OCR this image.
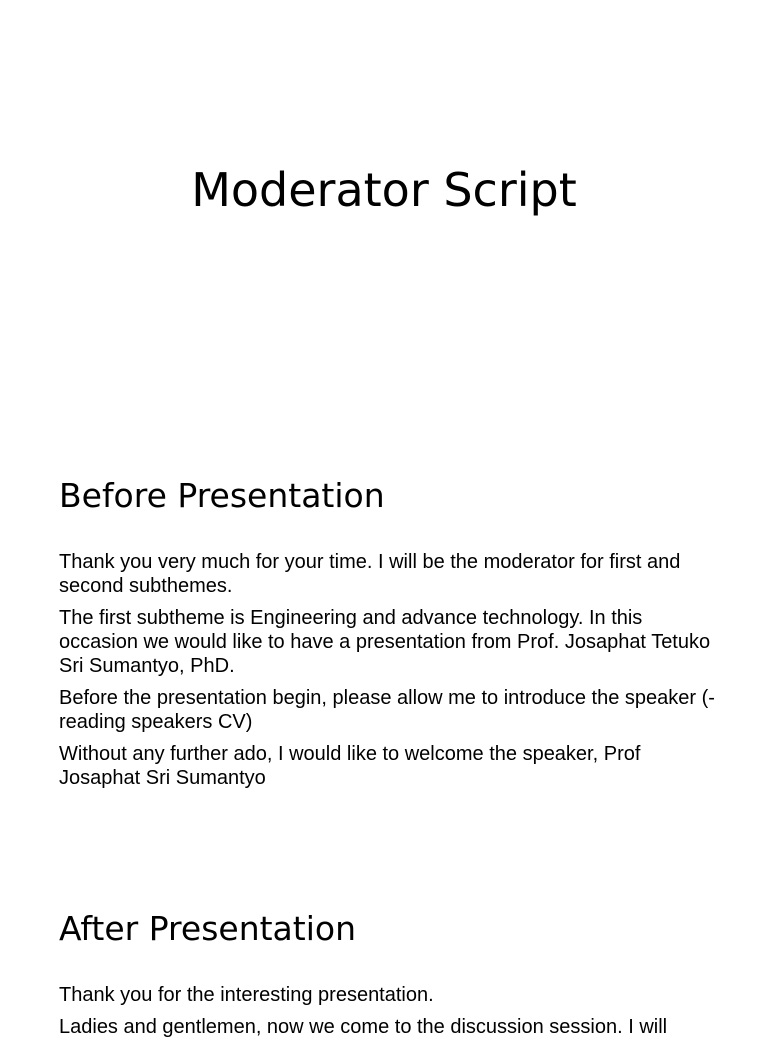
Moderator Script
Before Presentation

Thank you very much for your time. I will be the moderator for first and second subthemes.

The first subtheme is Engineering and advance technology. In this occasion we would like to have a presentation from Prof. Josaphat Tetuko Sri Sumantyo, PhD.

Before the presentation begin, please allow me to introduce the speaker (-reading speakers CV)

Without any further ado, I would like to welcome the speaker, Prof Josaphat Sri Sumantyo

After Presentation

Thank you for the interesting presentation.

Ladies and gentlemen, now we come to the discussion session. I will
